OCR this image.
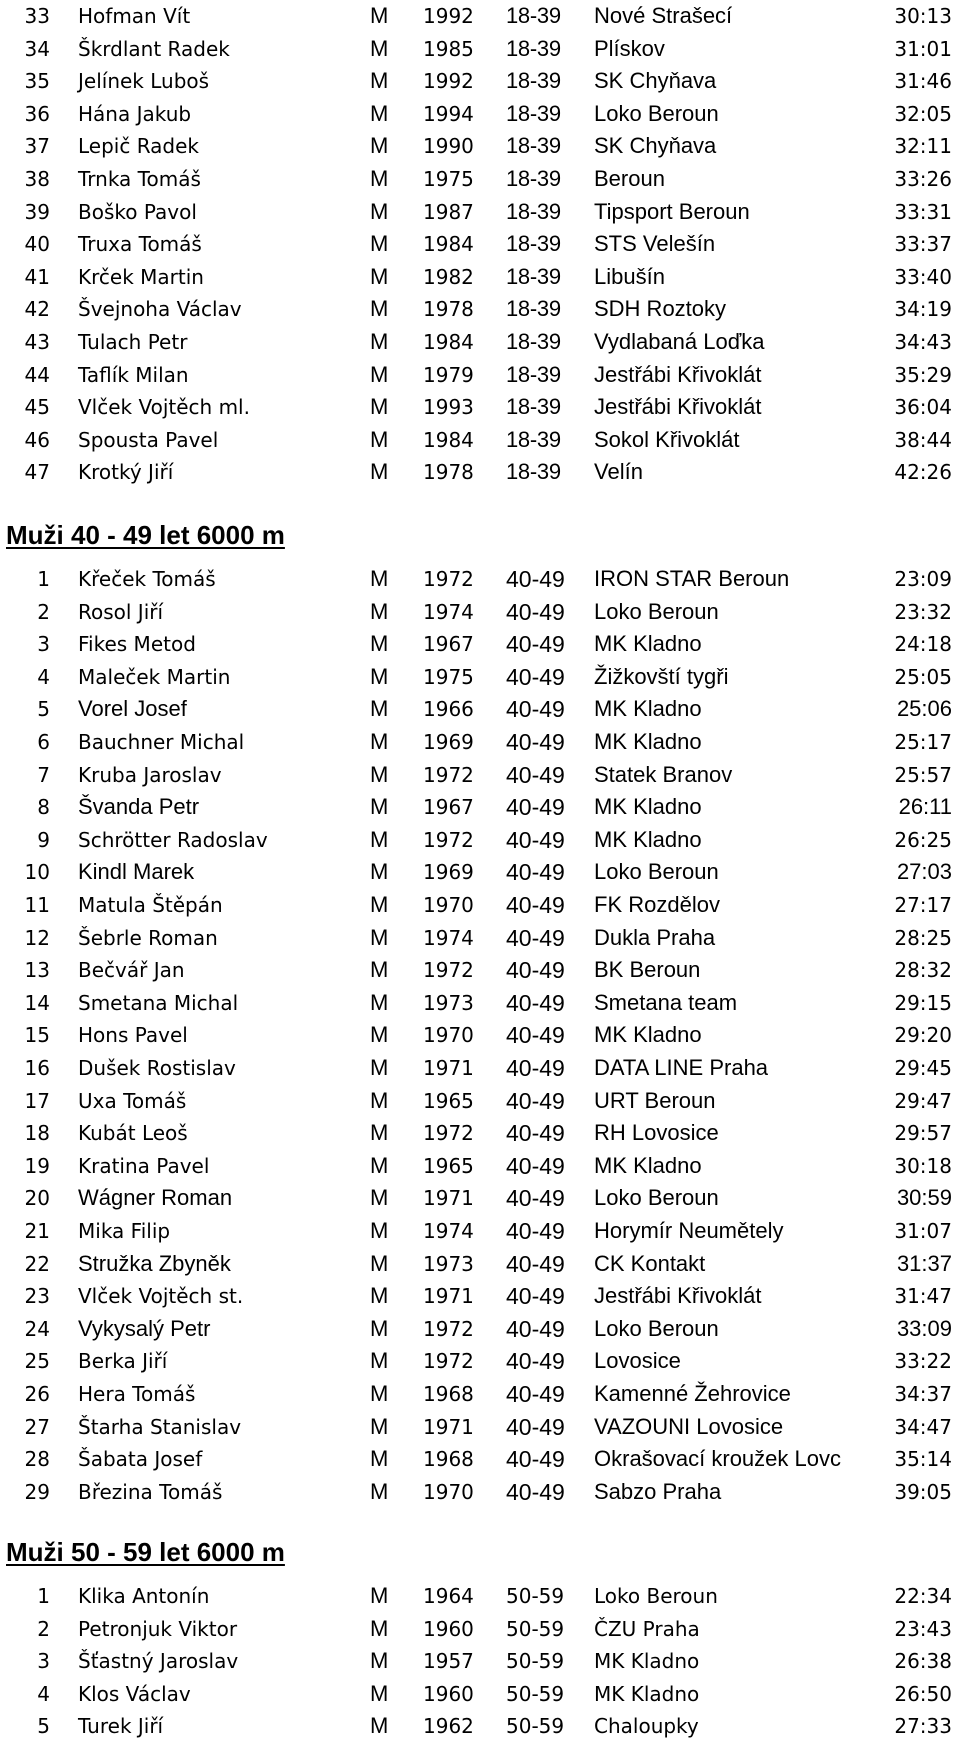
33 Hofman Vít	M 1992 18-39 Nové Strašecí	30:13
34 Škrdlant Radek	M 1985 18-39 Plískov	31:01
35 Jelínek Luboš	M 1992 18-39 SK Chyňava	31:46
36 Hána Jakub	M 1994 18-39 Loko Beroun	32:05
37 Lepič Radek	M 1990 18-39 SK Chyňava	32:11
38 Trnka Tomáš	M 1975 18-39 Beroun	33:26
39 Boško Pavol	M 1987 18-39 Tipsport Beroun	33:31
40 Truxa Tomáš	M 1984 18-39 STS Velešín	33:37
41 Krček Martin	M 1982 18-39 Libušín	33:40
42 Švejnoha Václav	M 1978 18-39 SDH Roztoky	34:19
43 Tulach Petr	M 1984 18-39 Vydlabaná Loďka	34:43
44 Taflík Milan	M 1979 18-39 Jestřábi Křivoklát	35:29
45 Vlček Vojtěch ml.	M 1993 18-39 Jestřábi Křivoklát	36:04
46 Spousta Pavel	M 1984 18-39 Sokol Křivoklát	38:44
47 Krotký Jiří	M 1978 18-39 Velín	42:26
Muži 40 - 49 let 6000 m
1 Křeček Tomáš	M 1972 40-49 IRON STAR Beroun	23:09
2 Rosol Jiří	M 1974 40-49 Loko Beroun	23:32
3 Fikes Metod	M 1967 40-49 MK Kladno	24:18
4 Maleček Martin	M 1975 40-49 Žižkovští tygři	25:05
5 Vorel Josef	M 1966 40-49 MK Kladno	25:06
6 Bauchner Michal	M 1969 40-49 MK Kladno	25:17
7 Kruba Jaroslav	M 1972 40-49 Statek Branov	25:57
8 Švanda Petr	M 1967 40-49 MK Kladno	26:11
9 Schrötter Radoslav	M 1972 40-49 MK Kladno	26:25
10 Kindl Marek	M 1969 40-49 Loko Beroun	27:03
11 Matula Štěpán	M 1970 40-49 FK Rozdělov	27:17
12 Šebrle Roman	M 1974 40-49 Dukla Praha	28:25
13 Bečvář Jan	M 1972 40-49 BK Beroun	28:32
14 Smetana Michal	M 1973 40-49 Smetana team	29:15
15 Hons Pavel	M 1970 40-49 MK Kladno	29:20
16 Dušek Rostislav	M 1971 40-49 DATA LINE Praha	29:45
17 Uxa Tomáš	M 1965 40-49 URT Beroun	29:47
18 Kubát Leoš	M 1972 40-49 RH Lovosice	29:57
19 Kratina Pavel	M 1965 40-49 MK Kladno	30:18
20 Wágner Roman	M 1971 40-49 Loko Beroun	30:59
21 Mika Filip	M 1974 40-49 Horymír Neumětely	31:07
22 Stružka Zbyněk	M 1973 40-49 CK Kontakt	31:37
23 Vlček Vojtěch st.	M 1971 40-49 Jestřábi Křivoklát	31:47
24 Vykysalý Petr	M 1972 40-49 Loko Beroun	33:09
25 Berka Jiří	M 1972 40-49 Lovosice	33:22
26 Hera Tomáš	M 1968 40-49 Kamenné Žehrovice	34:37
27 Štarha Stanislav	M 1971 40-49 VAZOUNI Lovosice	34:47
28 Šabata Josef	M 1968 40-49 Okrašovací kroužek Lovc	35:14
29 Březina Tomáš	M 1970 40-49 Sabzo Praha	39:05
Muži 50 - 59 let 6000 m
1 Klika Antonín	M 1964 50-59 Loko Beroun	22:34
2 Petronjuk Viktor	M 1960 50-59 ČZU Praha	23:43
3 Šťastný Jaroslav	M 1957 50-59 MK Kladno	26:38
4 Klos Václav	M 1960 50-59 MK Kladno	26:50
5 Turek Jiří	M 1962 50-59 Chaloupky	27:33
